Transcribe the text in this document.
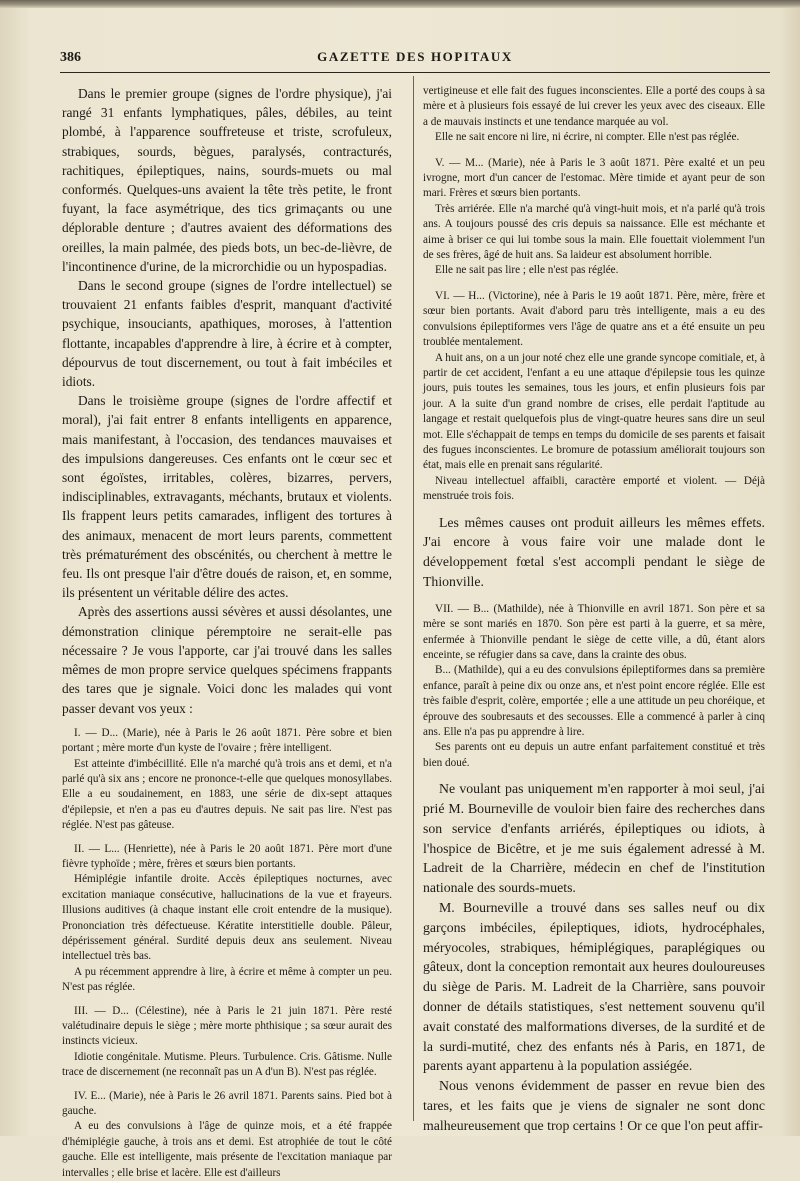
386	GAZETTE DES HOPITAUX

Dans le premier groupe (signes de l'ordre physique), j'ai rangé 31 enfants lymphatiques, pâles, débiles, au teint plombé, à l'apparence souffreteuse et triste, scrofuleux, strabiques, sourds, bègues, paralysés, contracturés, rachitiques, épileptiques, nains, sourds-muets ou mal conformés. Quelques-uns avaient la tête très petite, le front fuyant, la face asymétrique, des tics grimaçants ou une déplorable denture ; d'autres avaient des déformations des oreilles, la main palmée, des pieds bots, un bec-de-lièvre, de l'incontinence d'urine, de la microrchidie ou un hypospadias.

Dans le second groupe (signes de l'ordre intellectuel) se trouvaient 21 enfants faibles d'esprit, manquant d'activité psychique, insouciants, apathiques, moroses, à l'attention flottante, incapables d'apprendre à lire, à écrire et à compter, dépourvus de tout discernement, ou tout à fait imbéciles et idiots.

Dans le troisième groupe (signes de l'ordre affectif et moral), j'ai fait entrer 8 enfants intelligents en apparence, mais manifestant, à l'occasion, des tendances mauvaises et des impulsions dangereuses. Ces enfants ont le cœur sec et sont égoïstes, irritables, colères, bizarres, pervers, indisciplinables, extravagants, méchants, brutaux et violents. Ils frappent leurs petits camarades, infligent des tortures à des animaux, menacent de mort leurs parents, commettent très prématurément des obscénités, ou cherchent à mettre le feu. Ils ont presque l'air d'être doués de raison, et, en somme, ils présentent un véritable délire des actes.

Après des assertions aussi sévères et aussi désolantes, une démonstration clinique péremptoire ne serait-elle pas nécessaire ? Je vous l'apporte, car j'ai trouvé dans les salles mêmes de mon propre service quelques spécimens frappants des tares que je signale. Voici donc les malades qui vont passer devant vos yeux :

I. — D... (Marie), née à Paris le 26 août 1871. Père sobre et bien portant ; mère morte d'un kyste de l'ovaire ; frère intelligent.

Est atteinte d'imbécillité. Elle n'a marché qu'à trois ans et demi, et n'a parlé qu'à six ans ; encore ne prononce-t-elle que quelques monosyllabes. Elle a eu soudainement, en 1883, une série de dix-sept attaques d'épilepsie, et n'en a pas eu d'autres depuis. Ne sait pas lire. N'est pas réglée. N'est pas gâteuse.

II. — L... (Henriette), née à Paris le 20 août 1871. Père mort d'une fièvre typhoïde ; mère, frères et sœurs bien portants.

Hémiplégie infantile droite. Accès épileptiques nocturnes, avec excitation maniaque consécutive, hallucinations de la vue et frayeurs. Illusions auditives (à chaque instant elle croit entendre de la musique). Prononciation très défectueuse. Kératite interstitielle double. Pâleur, dépérissement général. Surdité depuis deux ans seulement. Niveau intellectuel très bas.

A pu récemment apprendre à lire, à écrire et même à compter un peu. N'est pas réglée.

III. — D... (Célestine), née à Paris le 21 juin 1871. Père resté valétudinaire depuis le siège ; mère morte phthisique ; sa sœur aurait des instincts vicieux.

Idiotie congénitale. Mutisme. Pleurs. Turbulence. Cris. Gâtisme. Nulle trace de discernement (ne reconnaît pas un A d'un B). N'est pas réglée.

IV. E... (Marie), née à Paris le 26 avril 1871. Parents sains. Pied bot à gauche.

A eu des convulsions à l'âge de quinze mois, et a été frappée d'hémiplégie gauche, à trois ans et demi. Est atrophiée de tout le côté gauche. Elle est intelligente, mais présente de l'excitation maniaque par intervalles ; elle brise et lacère. Elle est d'ailleurs

vertigineuse et elle fait des fugues inconscientes. Elle a porté des coups à sa mère et à plusieurs fois essayé de lui crever les yeux avec des ciseaux. Elle a de mauvais instincts et une tendance marquée au vol.

Elle ne sait encore ni lire, ni écrire, ni compter. Elle n'est pas réglée.

V. — M... (Marie), née à Paris le 3 août 1871. Père exalté et un peu ivrogne, mort d'un cancer de l'estomac. Mère timide et ayant peur de son mari. Frères et sœurs bien portants.

Très arriérée. Elle n'a marché qu'à vingt-huit mois, et n'a parlé qu'à trois ans. A toujours poussé des cris depuis sa naissance. Elle est méchante et aime à briser ce qui lui tombe sous la main. Elle fouettait violemment l'un de ses frères, âgé de huit ans. Sa laideur est absolument horrible.

Elle ne sait pas lire ; elle n'est pas réglée.

VI. — H... (Victorine), née à Paris le 19 août 1871. Père, mère, frère et sœur bien portants. Avait d'abord paru très intelligente, mais a eu des convulsions épileptiformes vers l'âge de quatre ans et a été ensuite un peu troublée mentalement.

A huit ans, on a un jour noté chez elle une grande syncope comitiale, et, à partir de cet accident, l'enfant a eu une attaque d'épilepsie tous les quinze jours, puis toutes les semaines, tous les jours, et enfin plusieurs fois par jour. A la suite d'un grand nombre de crises, elle perdait l'aptitude au langage et restait quelquefois plus de vingt-quatre heures sans dire un seul mot. Elle s'échappait de temps en temps du domicile de ses parents et faisait des fugues inconscientes. Le bromure de potassium améliorait toujours son état, mais elle en prenait sans régularité.

Niveau intellectuel affaibli, caractère emporté et violent. — Déjà menstruée trois fois.

Les mêmes causes ont produit ailleurs les mêmes effets. J'ai encore à vous faire voir une malade dont le développement fœtal s'est accompli pendant le siège de Thionville.

VII. — B... (Mathilde), née à Thionville en avril 1871. Son père et sa mère se sont mariés en 1870. Son père est parti à la guerre, et sa mère, enfermée à Thionville pendant le siège de cette ville, a dû, étant alors enceinte, se réfugier dans sa cave, dans la crainte des obus.

B... (Mathilde), qui a eu des convulsions épileptiformes dans sa première enfance, paraît à peine dix ou onze ans, et n'est point encore réglée. Elle est très faible d'esprit, colère, emportée ; elle a une attitude un peu choréique, et éprouve des soubresauts et des secousses. Elle a commencé à parler à cinq ans. Elle n'a pas pu apprendre à lire.

Ses parents ont eu depuis un autre enfant parfaitement constitué et très bien doué.

Ne voulant pas uniquement m'en rapporter à moi seul, j'ai prié M. Bourneville de vouloir bien faire des recherches dans son service d'enfants arriérés, épileptiques ou idiots, à l'hospice de Bicêtre, et je me suis également adressé à M. Ladreit de la Charrière, médecin en chef de l'institution nationale des sourds-muets.

M. Bourneville a trouvé dans ses salles neuf ou dix garçons imbéciles, épileptiques, idiots, hydrocéphales, méryocoles, strabiques, hémiplégiques, paraplégiques ou gâteux, dont la conception remontait aux heures douloureuses du siège de Paris. M. Ladreit de la Charrière, sans pouvoir donner de détails statistiques, s'est nettement souvenu qu'il avait constaté des malformations diverses, de la surdité et de la surdi-mutité, chez des enfants nés à Paris, en 1871, de parents ayant appartenu à la population assiégée.

Nous venons évidemment de passer en revue bien des tares, et les faits que je viens de signaler ne sont donc malheureusement que trop certains ! Or ce que l'on peut affir-
